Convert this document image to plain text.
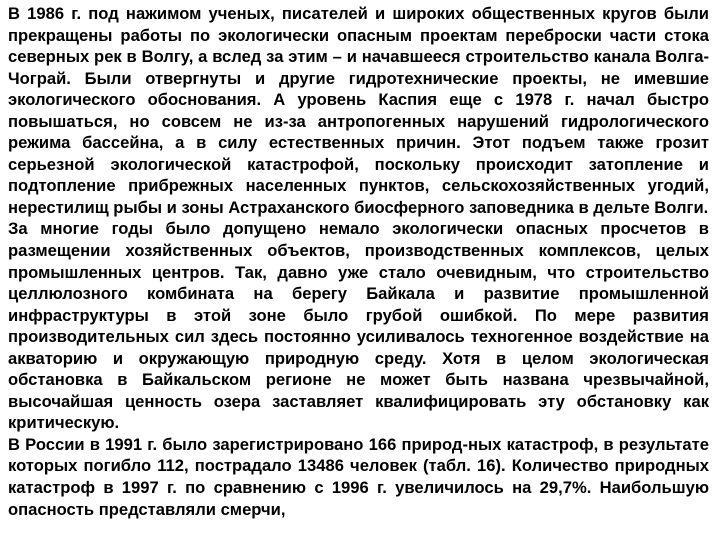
В 1986 г. под нажимом ученых, писателей и широких общественных кругов были прекращены работы по экологически опасным проектам переброски части стока северных рек в Волгу, а вслед за этим – и начавшееся строительство канала Волга-Чограй. Были отвергнуты и другие гидротехнические проекты, не имевшие экологического обоснования. А уровень Каспия еще с 1978 г. начал быстро повышаться, но совсем не из-за антропогенных нарушений гидрологического режима бассейна, а в силу естественных причин. Этот подъем также грозит серьезной экологической катастрофой, поскольку происходит затопление и подтопление прибрежных населенных пунктов, сельскохозяйственных угодий, нерестилищ рыбы и зоны Астраханского биосферного заповедника в дельте Волги.

За многие годы было допущено немало экологически опасных просчетов в размещении хозяйственных объектов, производственных комплексов, целых промышленных центров. Так, давно уже стало очевидным, что строительство целлюлозного комбината на берегу Байкала и развитие промышленной инфраструктуры в этой зоне было грубой ошибкой. По мере развития производительных сил здесь постоянно усиливалось техногенное воздействие на акваторию и окружающую природную среду. Хотя в целом экологическая обстановка в Байкальском регионе не может быть названа чрезвычайной, высочайшая ценность озера заставляет квалифицировать эту обстановку как критическую.

В России в 1991 г. было зарегистрировано 166 природ-ных катастроф, в результате которых погибло 112, пострадало 13486 человек (табл. 16). Количество природных катастроф в 1997 г. по сравнению с 1996 г. увеличилось на 29,7%. Наибольшую опасность представляли смерчи,
